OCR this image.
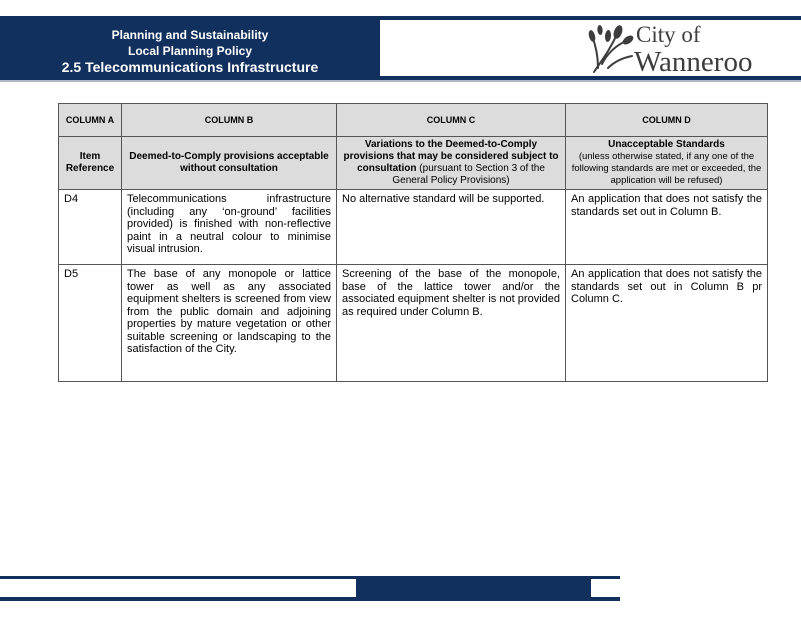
Planning and Sustainability
Local Planning Policy
2.5 Telecommunications Infrastructure
City of
Wanneroo
COLUMN A	COLUMN B	COLUMN C	COLUMN D
Item Reference	Deemed-to-Comply provisions acceptable without consultation	Variations to the Deemed-to-Comply provisions that may be considered subject to consultation (pursuant to Section 3 of the General Policy Provisions)	Unacceptable Standards
(unless otherwise stated, if any one of the following standards are met or exceeded, the application will be refused)

D4	Telecommunications infrastructure (including any ‘on-ground’ facilities provided) is finished with non-reflective paint in a neutral colour to minimise visual intrusion.	No alternative standard will be supported.	An application that does not satisfy the standards set out in Column B.
D5	The base of any monopole or lattice tower as well as any associated equipment shelters is screened from view from the public domain and adjoining properties by mature vegetation or other suitable screening or landscaping to the satisfaction of the City.	Screening of the base of the monopole, base of the lattice tower and/or the associated equipment shelter is not provided as required under Column B.	An application that does not satisfy the standards set out in Column B pr Column C.
